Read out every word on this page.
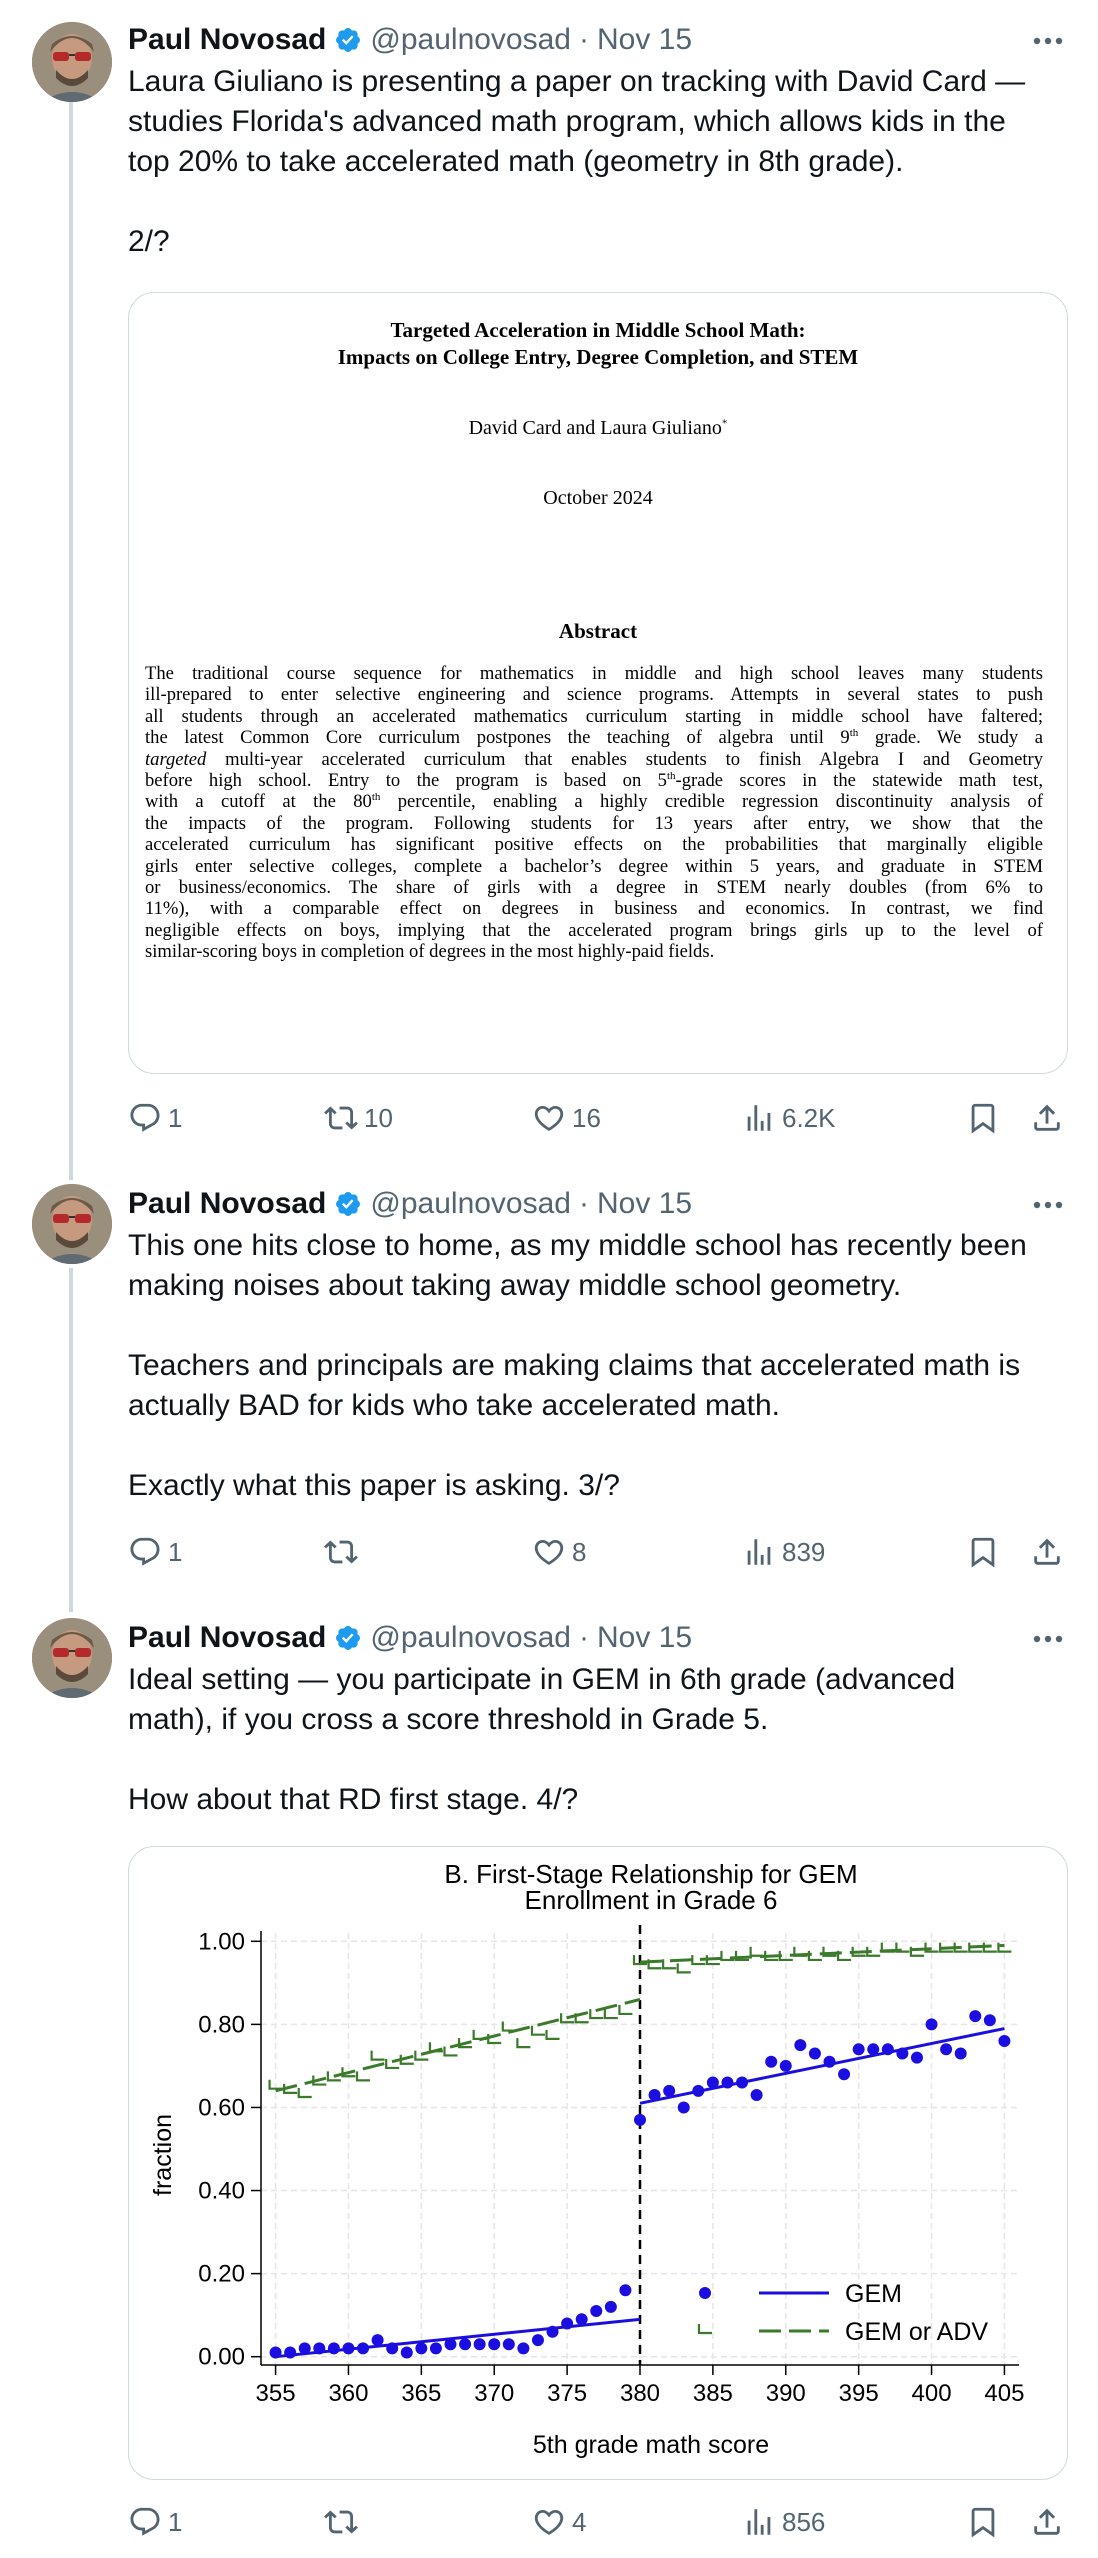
Paul Novosad @paulnovosad · Nov 15

Laura Giuliano is presenting a paper on tracking with David Card —

studies Florida's advanced math program, which allows kids in the

top 20% to take accelerated math (geometry in 8th grade).

2/?

Targeted Acceleration in Middle School Math:
Impacts on College Entry, Degree Completion, and STEM
David Card and Laura Giuliano*
October 2024
Abstract
The traditional course sequence for mathematics in middle and high school leaves many students
ill-prepared to enter selective engineering and science programs. Attempts in several states to push
all students through an accelerated mathematics curriculum starting in middle school have faltered;
the latest Common Core curriculum postpones the teaching of algebra until 9th grade. We study a
targeted multi-year accelerated curriculum that enables students to finish Algebra I and Geometry
before high school. Entry to the program is based on 5th-grade scores in the statewide math test,
with a cutoff at the 80th percentile, enabling a highly credible regression discontinuity analysis of
the impacts of the program. Following students for 13 years after entry, we show that the
accelerated curriculum has significant positive effects on the probabilities that marginally eligible
girls enter selective colleges, complete a bachelor’s degree within 5 years, and graduate in STEM
or business/economics. The share of girls with a degree in STEM nearly doubles (from 6% to
11%), with a comparable effect on degrees in business and economics. In contrast, we find
negligible effects on boys, implying that the accelerated program brings girls up to the level of
similar-scoring boys in completion of degrees in the most highly-paid fields.
1	10	16	6.2K
Paul Novosad @paulnovosad · Nov 15

This one hits close to home, as my middle school has recently been

making noises about taking away middle school geometry.

Teachers and principals are making claims that accelerated math is

actually BAD for kids who take accelerated math.

Exactly what this paper is asking. 3/?

1	8	839
Paul Novosad @paulnovosad · Nov 15

Ideal setting — you participate in GEM in 6th grade (advanced

math), if you cross a score threshold in Grade 5.

How about that RD first stage. 4/?

B. First-Stage Relationship for GEM
Enrollment in Grade 6
355 360 365 370 375 380 385 390 395 400 405
0.00
0.20
0.40
0.60
0.80
1.00
GEM
GEM or ADV
5th grade math score
fraction
1	4	856
